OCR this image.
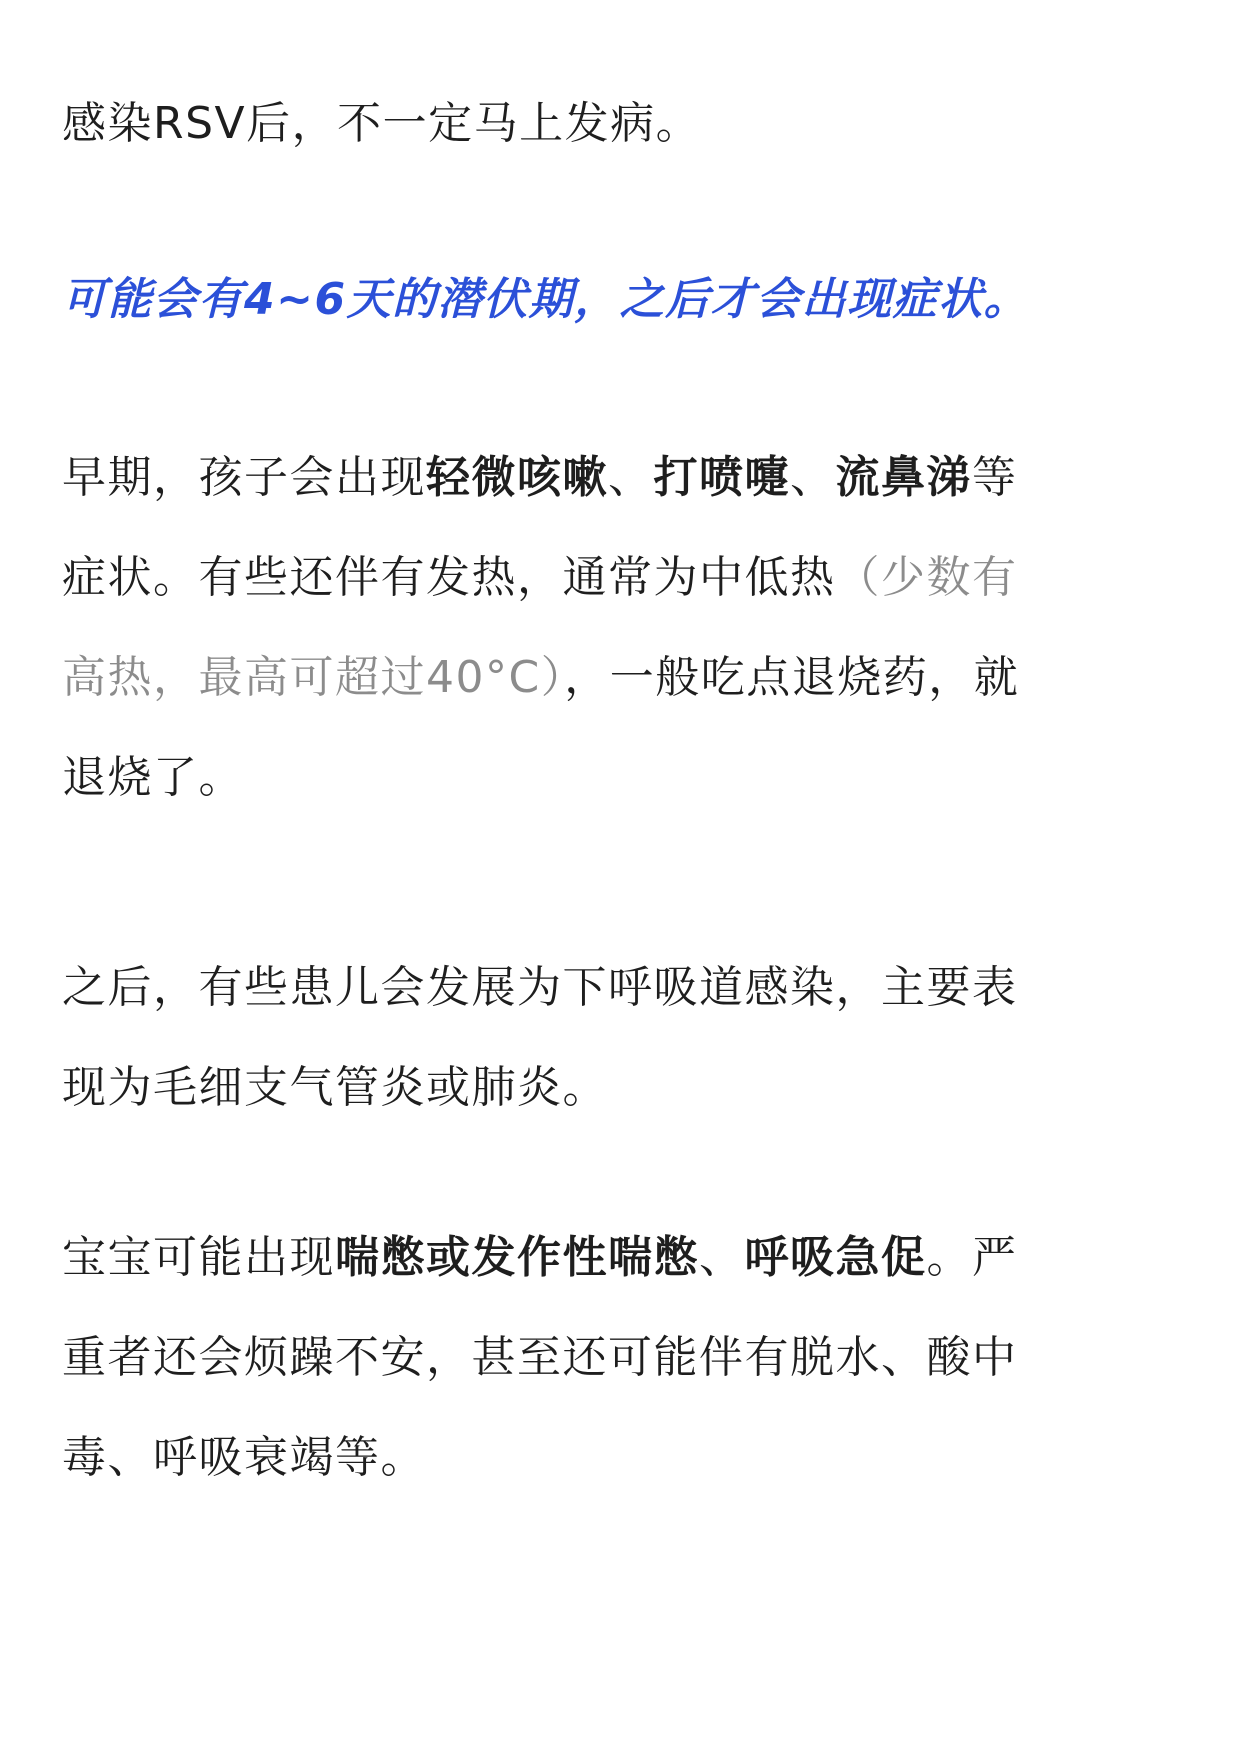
感染RSV后，不一定马上发病。

可能会有4~6天的潜伏期，之后才会出现症状。

早期，孩子会出现轻微咳嗽、打喷嚏、流鼻涕等
症状。有些还伴有发热，通常为中低热（少数有
高热，最高可超过40°C），一般吃点退烧药，就
退烧了。

之后，有些患儿会发展为下呼吸道感染，主要表
现为毛细支气管炎或肺炎。

宝宝可能出现喘憋或发作性喘憋、呼吸急促。严
重者还会烦躁不安，甚至还可能伴有脱水、酸中
毒、呼吸衰竭等。
